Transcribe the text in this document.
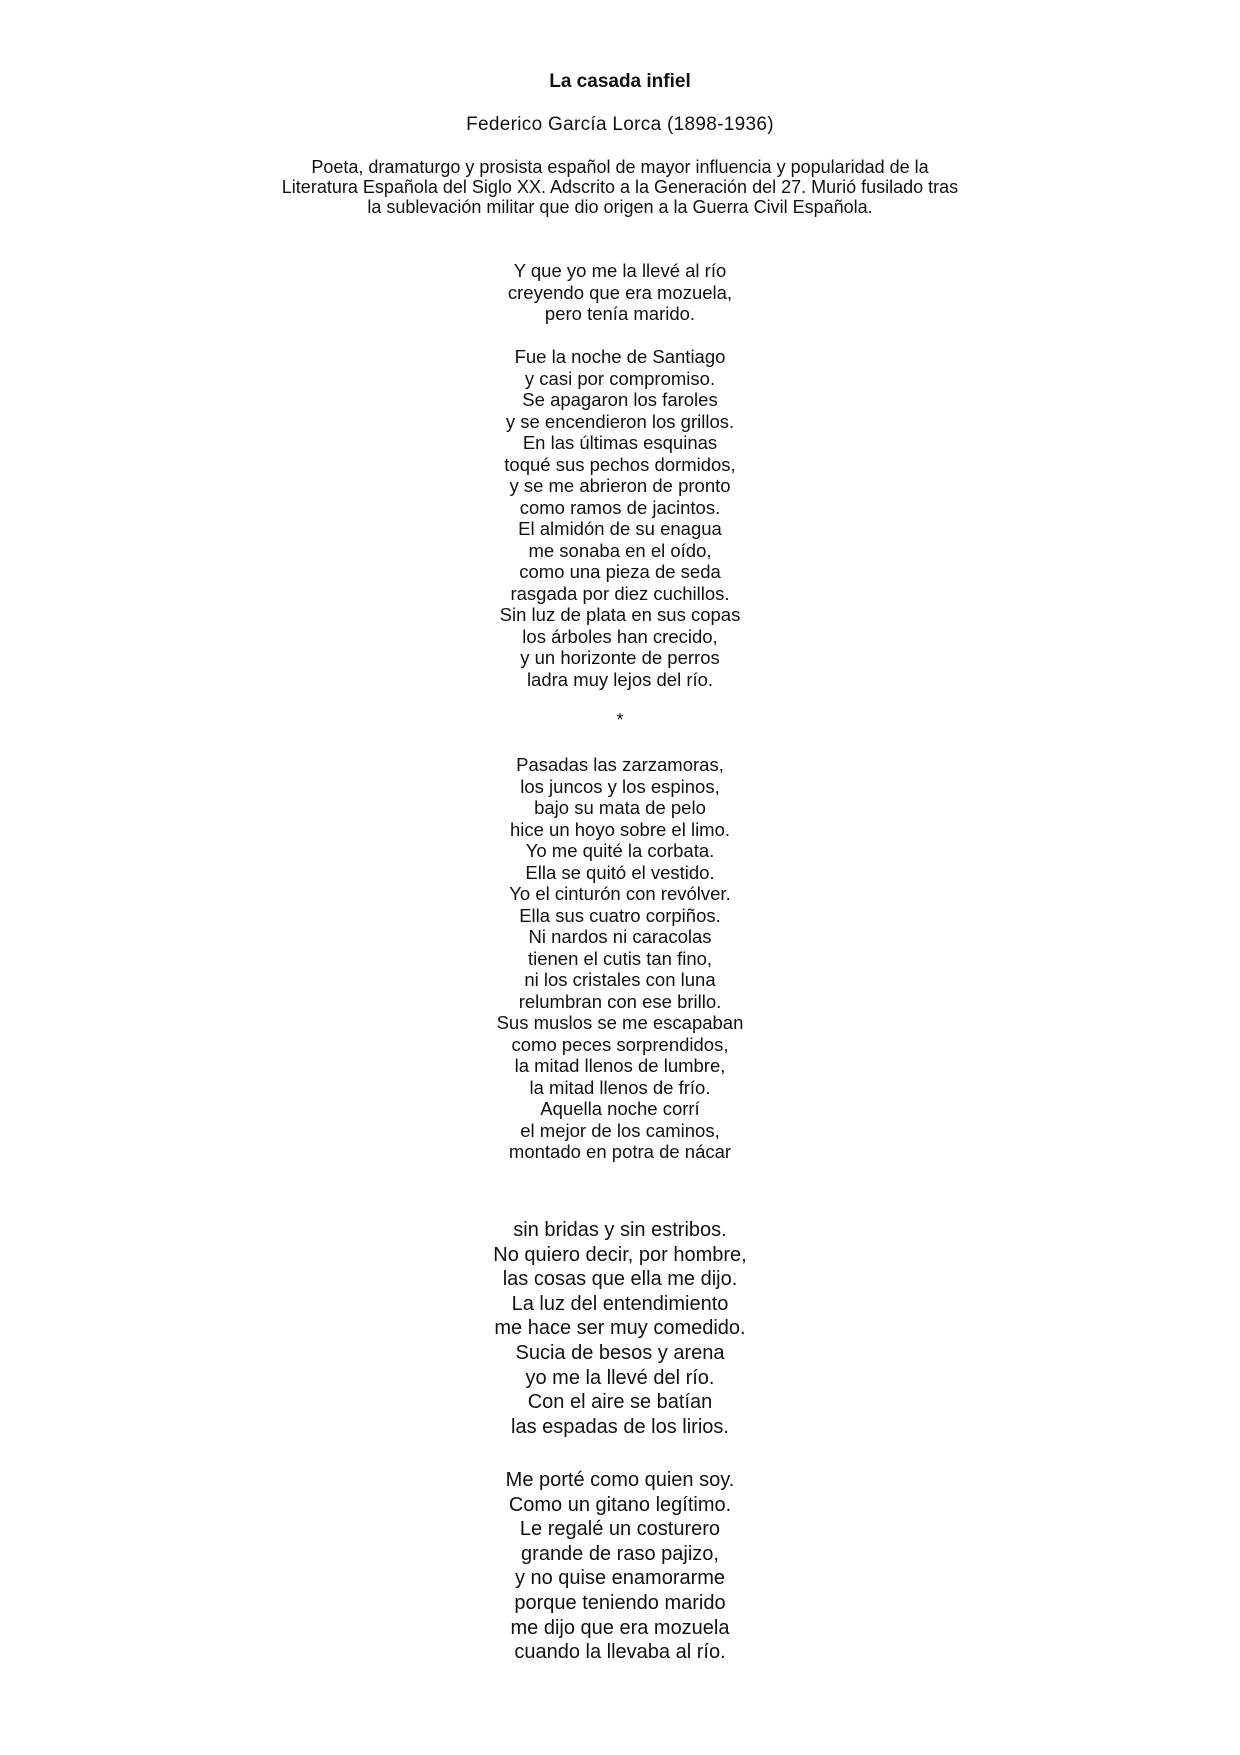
La casada infiel
Federico García Lorca (1898-1936)
Poeta, dramaturgo y prosista español de mayor influencia y popularidad de la
Literatura Española del Siglo XX. Adscrito a la Generación del 27. Murió fusilado tras
la sublevación militar que dio origen a la Guerra Civil Española.
Y que yo me la llevé al río
creyendo que era mozuela,
pero tenía marido.
Fue la noche de Santiago
y casi por compromiso.
Se apagaron los faroles
y se encendieron los grillos.
En las últimas esquinas
toqué sus pechos dormidos,
y se me abrieron de pronto
como ramos de jacintos.
El almidón de su enagua
me sonaba en el oído,
como una pieza de seda
rasgada por diez cuchillos.
Sin luz de plata en sus copas
los árboles han crecido,
y un horizonte de perros
ladra muy lejos del río.
*
Pasadas las zarzamoras,
los juncos y los espinos,
bajo su mata de pelo
hice un hoyo sobre el limo.
Yo me quité la corbata.
Ella se quitó el vestido.
Yo el cinturón con revólver.
Ella sus cuatro corpiños.
Ni nardos ni caracolas
tienen el cutis tan fino,
ni los cristales con luna
relumbran con ese brillo.
Sus muslos se me escapaban
como peces sorprendidos,
la mitad llenos de lumbre,
la mitad llenos de frío.
Aquella noche corrí
el mejor de los caminos,
montado en potra de nácar
sin bridas y sin estribos.
No quiero decir, por hombre,
las cosas que ella me dijo.
La luz del entendimiento
me hace ser muy comedido.
Sucia de besos y arena
yo me la llevé del río.
Con el aire se batían
las espadas de los lirios.
Me porté como quien soy.
Como un gitano legítimo.
Le regalé un costurero
grande de raso pajizo,
y no quise enamorarme
porque teniendo marido
me dijo que era mozuela
cuando la llevaba al río.
